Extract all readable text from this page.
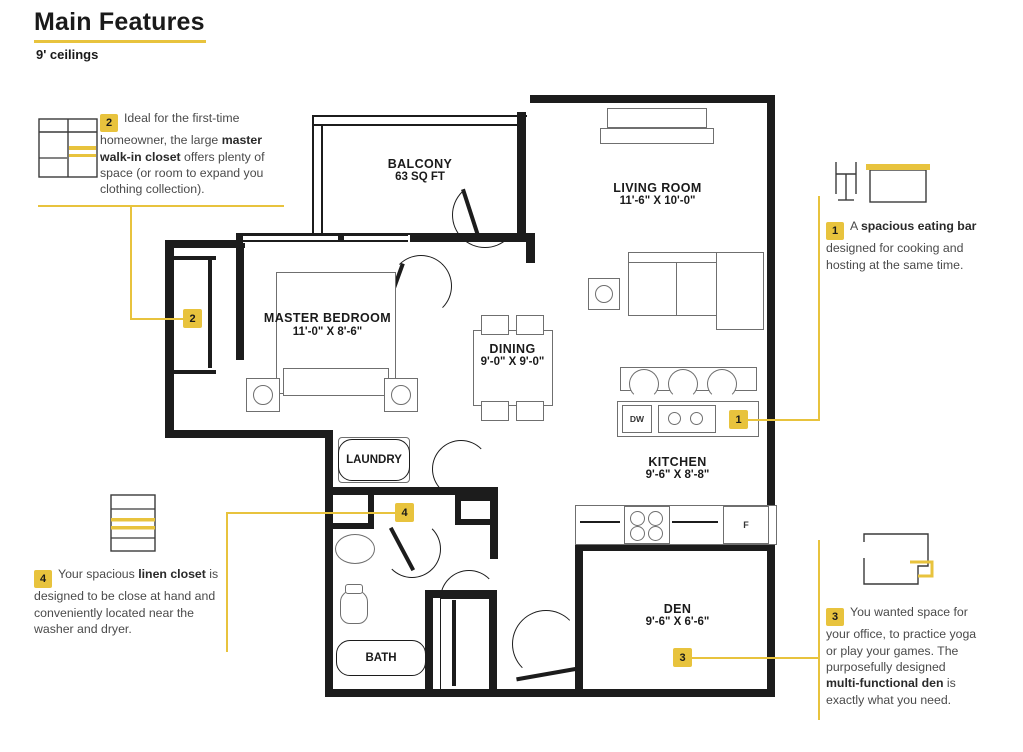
Main Features
9' ceilings
DW
F
BALCONY
63 SQ FT
LIVING ROOM
11'-6" X 10'-0"
MASTER BEDROOM
11'-0" X 8'-6"
DINING
9'-0" X 9'-0"
KITCHEN
9'-6" X 8'-8"
DEN
9'-6" X 6'-6"
LAUNDRY
BATH
1
2
3
4
1 A spacious eating bar designed for cooking and hosting at the same time.
2 Ideal for the first-time homeowner, the large master walk-in closet offers plenty of space (or room to expand you clothing collection).
3 You wanted space for your office, to practice yoga or play your games. The purposefully designed multi-functional den is exactly what you need.
4 Your spacious linen closet is designed to be close at hand and conveniently located near the washer and dryer.
